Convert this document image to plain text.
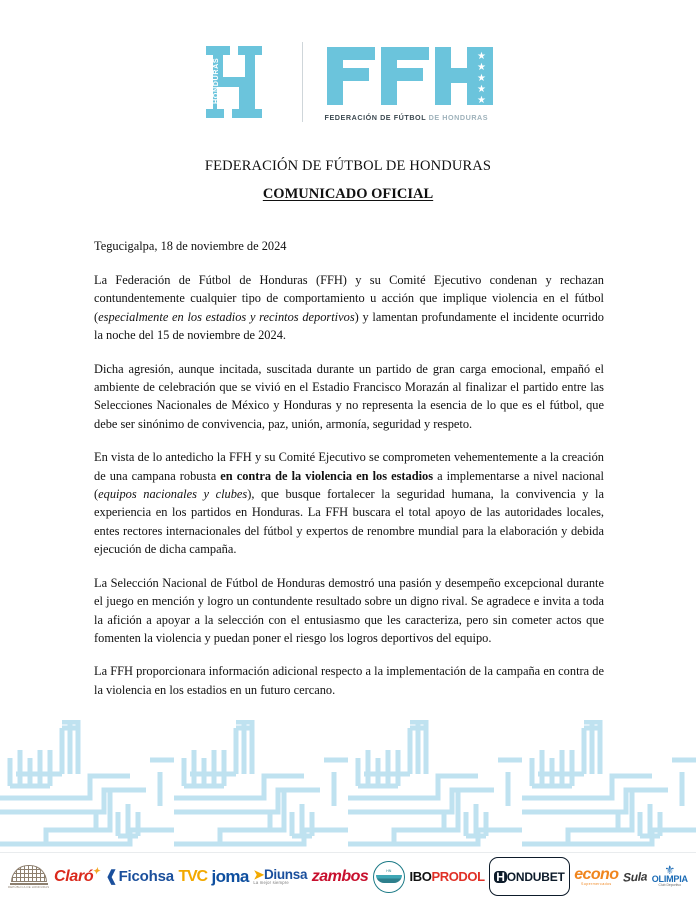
HONDURAS	★
★
★
★
★
★
★
★
★
★
FEDERACIÓN DE FÚTBOL DE HONDURAS
FEDERACIÓN DE FÚTBOL DE HONDURAS
COMUNICADO OFICIAL
Tegucigalpa, 18 de noviembre de 2024

La Federación de Fútbol de Honduras (FFH) y su Comité Ejecutivo condenan y rechazan contundentemente cualquier tipo de comportamiento u acción que implique violencia en el fútbol (especialmente en los estadios y recintos deportivos) y lamentan profundamente el incidente ocurrido la noche del 15 de noviembre de 2024.

Dicha agresión, aunque incitada, suscitada durante un partido de gran carga emocional, empañó el ambiente de celebración que se vivió en el Estadio Francisco Morazán al finalizar el partido entre las Selecciones Nacionales de México y Honduras y no representa la esencia de lo que es el fútbol, que debe ser sinónimo de convivencia, paz, unión, armonía, seguridad y respeto.

En vista de lo antedicho la FFH y su Comité Ejecutivo se comprometen vehementemente a la creación de una campana robusta en contra de la violencia en los estadios a implementarse a nivel nacional (equipos nacionales y clubes), que busque fortalecer la seguridad humana, la convivencia y la experiencia en los partidos en Honduras. La FFH buscara el total apoyo de las autoridades locales, entes rectores internacionales del fútbol y expertos de renombre mundial para la elaboración y debida ejecución de dicha campaña.

La Selección Nacional de Fútbol de Honduras demostró una pasión y desempeño excepcional durante el juego en mención y logro un contundente resultado sobre un digno rival. Se agradece e invita a toda la afición a apoyar a la selección con el entusiasmo que les caracteriza, pero sin cometer actos que fomenten la violencia y puedan poner el riesgo los logros deportivos del equipo.

La FFH proporcionara información adicional respecto a la implementación de la campaña en contra de la violencia en los estadios en un futuro cercano.

REPÚBLICA DE HONDURAS
Claró ✦ ❰ Ficohsa TVC joma ➤Diunsa
La mejor siempre zambos	HN IBO PRODOL H ONDUBET econo
Supermercados Sula ⚜
OLIMPIA
Club Deportivo
